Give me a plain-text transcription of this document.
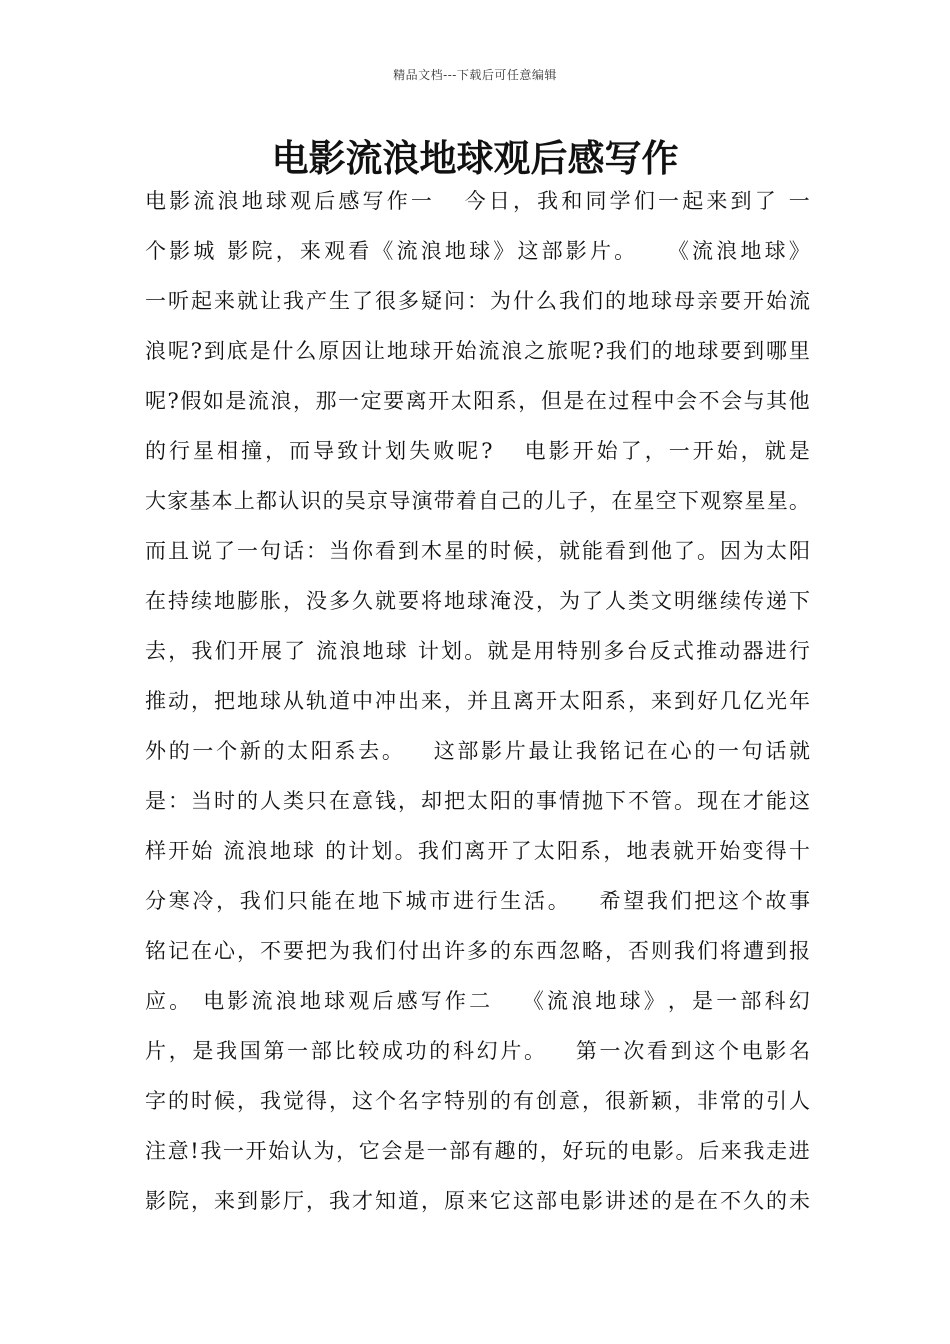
精品文档---下载后可任意编辑
电影流浪地球观后感写作
电 影 流 浪 地 球 观 后 感 写 作 一

今 日 ， 我 和 同 学 们 一 起 来 到 了
一
个 影 城
影 院 ， 来 观 看 《 流 浪 地 球 》 这 部 影 片 。

《 流 浪 地 球 》
一 听 起 来 就 让 我 产 生 了 很 多 疑 问 ： 为 什 么 我 们 的 地 球 母 亲 要 开 始 流
浪 呢 ? 到 底 是 什 么 原 因 让 地 球 开 始 流 浪 之 旅 呢 ? 我 们 的 地 球 要 到 哪 里
呢 ? 假 如 是 流 浪 ， 那 一 定 要 离 开 太 阳 系 ， 但 是 在 过 程 中 会 不 会 与 其 他
的 行 星 相 撞 ， 而 导 致 计 划 失 败 呢 ?

电 影 开 始 了 ， 一 开 始 ， 就 是
大 家 基 本 上 都 认 识 的 吴 京 导 演 带 着 自 己 的 儿 子 ， 在 星 空 下 观 察 星 星 。
而 且 说 了 一 句 话 ： 当 你 看 到 木 星 的 时 候 ， 就 能 看 到 他 了 。 因 为 太 阳
在 持 续 地 膨 胀 ， 没 多 久 就 要 将 地 球 淹 没 ， 为 了 人 类 文 明 继 续 传 递 下
去 ， 我 们 开 展 了
流 浪 地 球
计 划 。 就 是 用 特 别 多 台 反 式 推 动 器 进 行
推 动 ， 把 地 球 从 轨 道 中 冲 出 来 ， 并 且 离 开 太 阳 系 ， 来 到 好 几 亿 光 年
外 的 一 个 新 的 太 阳 系 去 。

这 部 影 片 最 让 我 铭 记 在 心 的 一 句 话 就
是 ： 当 时 的 人 类 只 在 意 钱 ， 却 把 太 阳 的 事 情 抛 下 不 管 。 现 在 才 能 这
样 开 始
流 浪 地 球
的 计 划 。 我 们 离 开 了 太 阳 系 ， 地 表 就 开 始 变 得 十
分 寒 冷 ， 我 们 只 能 在 地 下 城 市 进 行 生 活 。

希 望 我 们 把 这 个 故 事
铭 记 在 心 ， 不 要 把 为 我 们 付 出 许 多 的 东 西 忽 略 ， 否 则 我 们 将 遭 到 报
应 。
电 影 流 浪 地 球 观 后 感 写 作 二

《 流 浪 地 球 》 ， 是 一 部 科 幻
片 ， 是 我 国 第 一 部 比 较 成 功 的 科 幻 片 。

第 一 次 看 到 这 个 电 影 名
字 的 时 候 ， 我 觉 得 ， 这 个 名 字 特 别 的 有 创 意 ， 很 新 颖 ， 非 常 的 引 人
注 意 ! 我 一 开 始 认 为 ， 它 会 是 一 部 有 趣 的 ， 好 玩 的 电 影 。 后 来 我 走 进
影 院 ， 来 到 影 厅 ， 我 才 知 道 ， 原 来 它 这 部 电 影 讲 述 的 是 在 不 久 的 未
